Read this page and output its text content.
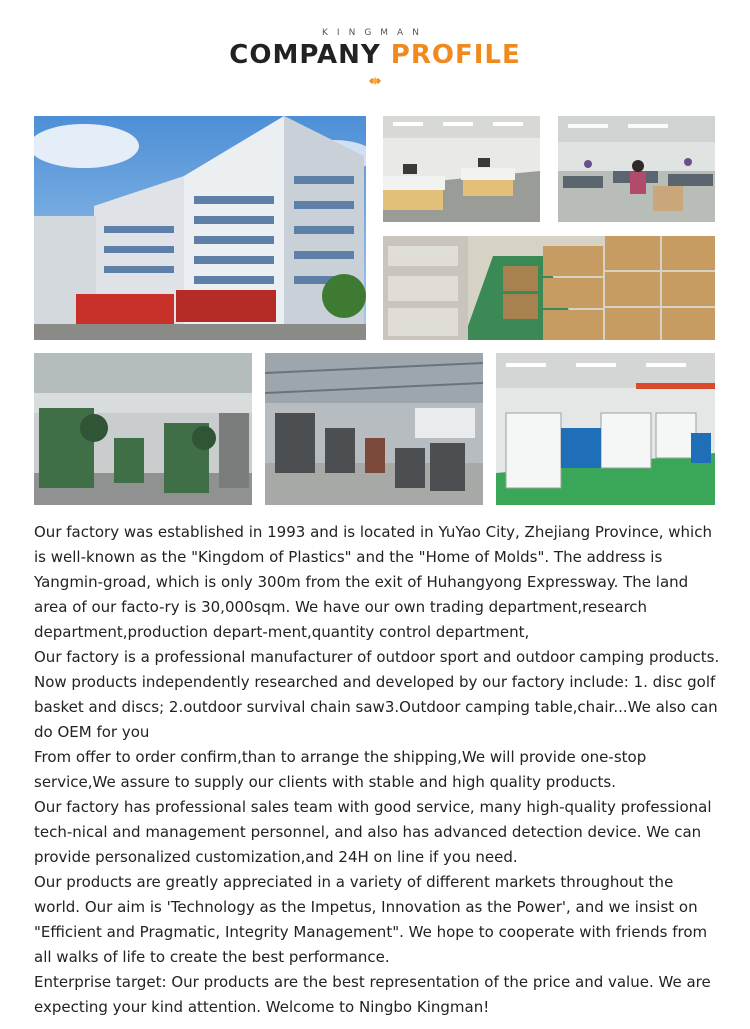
KINGMAN
COMPANY PROFILE

Our factory was established in 1993 and is located in YuYao City, Zhejiang Province, which is well-known as the "Kingdom of Plastics" and the "Home of Molds". The address is Yangmin-groad, which is only 300m from the exit of Huhangyong Expressway. The land area of our facto-ry is 30,000sqm. We have our own trading department,research department,production depart-ment,quantity control department,

Our factory is a professional manufacturer of outdoor sport and outdoor camping products. Now products independently researched and developed by our factory include: 1. disc golf basket and discs; 2.outdoor survival chain saw3.Outdoor camping table,chair...We also can do OEM for you

From offer to order confirm,than to arrange the shipping,We will provide one-stop service,We assure to supply our clients with stable and high quality products.

Our factory has professional sales team with good service, many high-quality professional tech-nical and management personnel, and also has advanced detection device. We can provide personalized customization,and 24H on line if you need.

Our products are greatly appreciated in a variety of different markets throughout the world. Our aim is 'Technology as the Impetus, Innovation as the Power', and we insist on "Efficient and Pragmatic, Integrity Management". We hope to cooperate with friends from all walks of life to create the best performance.

Enterprise target: Our products are the best representation of the price and value. We are expecting your kind attention. Welcome to Ningbo Kingman!
